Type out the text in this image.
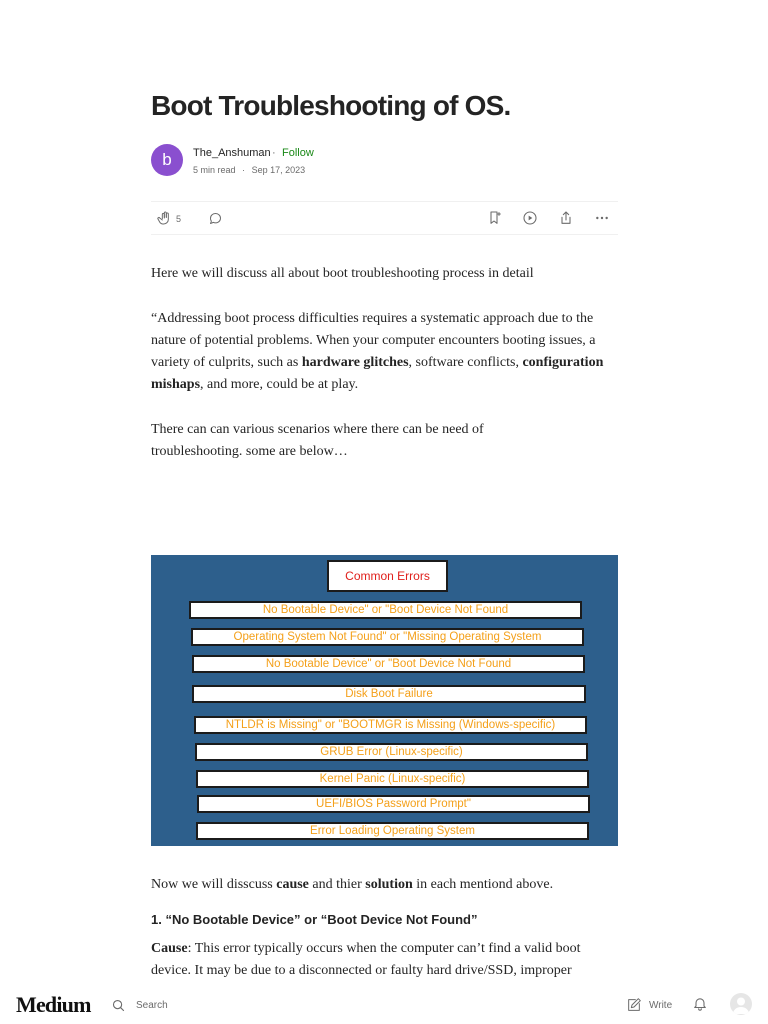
Boot Troubleshooting of OS.
b	The_Anshuman · Follow
5 min read · Sep 17, 2023
5

Here we will discuss all about boot troubleshooting process in detail

“Addressing boot process difficulties requires a systematic approach due to the nature of potential problems. When your computer encounters booting issues, a variety of culprits, such as hardware glitches, software conflicts, configuration mishaps, and more, could be at play.

There can can various scenarios where there can be need of troubleshooting. some are below…

Common Errors
No Bootable Device" or "Boot Device Not Found
Operating System Not Found" or "Missing Operating System
No Bootable Device" or "Boot Device Not Found
Disk Boot Failure
NTLDR is Missing" or "BOOTMGR is Missing (Windows-specific)
GRUB Error (Linux-specific)
Kernel Panic (Linux-specific)
UEFI/BIOS Password Prompt"
Error Loading Operating System

Now we will disscuss cause and thier solution in each mentiond above.

1. “No Bootable Device” or “Boot Device Not Found”

Cause: This error typically occurs when the computer can’t find a valid boot device. It may be due to a disconnected or faulty hard drive/SSD, improper

Medium	Search	Write
